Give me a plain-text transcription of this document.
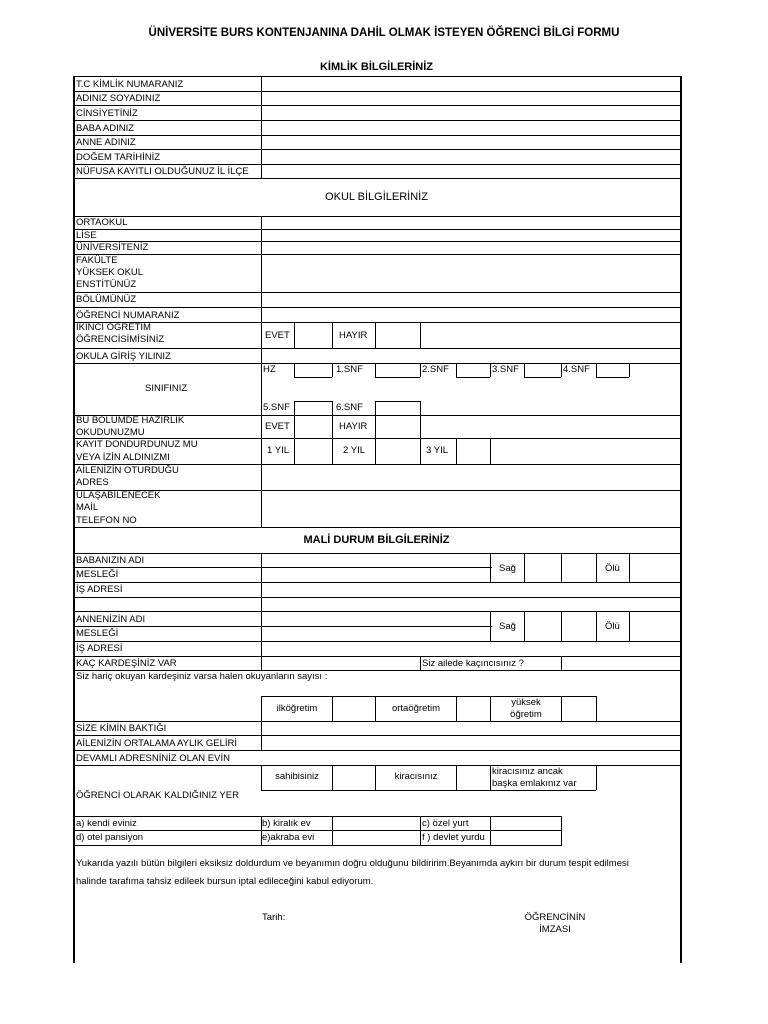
ÜNİVERSİTE BURS KONTENJANINA DAHİL OLMAK İSTEYEN ÖĞRENCİ BİLGİ FORMU
KİMLİK BİLGİLERİNİZ
T.C KİMLİK NUMARANIZ
ADINIZ SOYADINIZ
CİNSİYETİNİZ
BABA ADINIZ
ANNE ADINIZ
DOĞEM TARİHİNİZ
NÜFUSA KAYITLI OLDUĞUNUZ İL İLÇE
OKUL BİLGİLERİNİZ
ORTAOKUL
LİSE
ÜNİVERSİTENİZ
FAKÜLTE
YÜKSEK OKUL
ENSTİTÜNÜZ
BÖLÜMÜNÜZ
ÖĞRENCİ NUMARANIZ
İKİNCİ ÖĞRETİM
ÖĞRENCİSİMİSİNİZ	EVET	HAYIR
OKULA GİRİŞ YILINIZ
SINIFINIZ
HZ	1.SNF	2.SNF	3.SNF	4.SNF
5.SNF	6.SNF
BU BÖLÜMDE HAZIRLIK
OKUDUNUZMU
EVET	HAYIR
KAYIT DONDURDUNUZ MU
VEYA İZİN ALDINIZMI
1 YIL	2 YIL	3 YIL
AİLENİZİN OTURDUĞU
ADRES
ULAŞABİLENECEK
MAİL
TELEFON NO
MALİ DURUM BİLGİLERİNİZ
BABANIZIN ADI
MESLEĞİ
İŞ ADRESİ
Sağ	Ölü
ANNENİZİN ADI
MESLEĞİ
İŞ ADRESİ
Sağ	Ölü
KAÇ KARDEŞİNİZ VAR	Siz ailede kaçıncısınız ?
Siz hariç okuyan kardeşiniz varsa halen okuyanların sayısı :
ilköğretim	ortaöğretim
yüksek
öğretim
SİZE KİMİN BAKTIĞI
AİLENİZİN ORTALAMA AYLIK GELİRİ
DEVAMLI ADRESNİNİZ OLAN EVİN
sahibisiniz	kiracısınız	kiracısınız ancak
başka emlakınız var
ÖĞRENCİ OLARAK KALDIĞINIZ YER
a) kendi eviniz	b) kiralık ev	c) özel yurt
d) otel pansiyon	e)akraba evi	f ) devlet yurdu
Yukarıda yazılı bütün bilgileri eksiksiz doldurdum ve beyanımın doğru olduğunu bildiririm.Beyanımda aykırı bir durum tespit edilmesi
halinde tarafıma tahsiz edileek bursun iptal edileceğini kabul ediyorum.
Tarih:	ÖĞRENCİNİN
İMZASI
